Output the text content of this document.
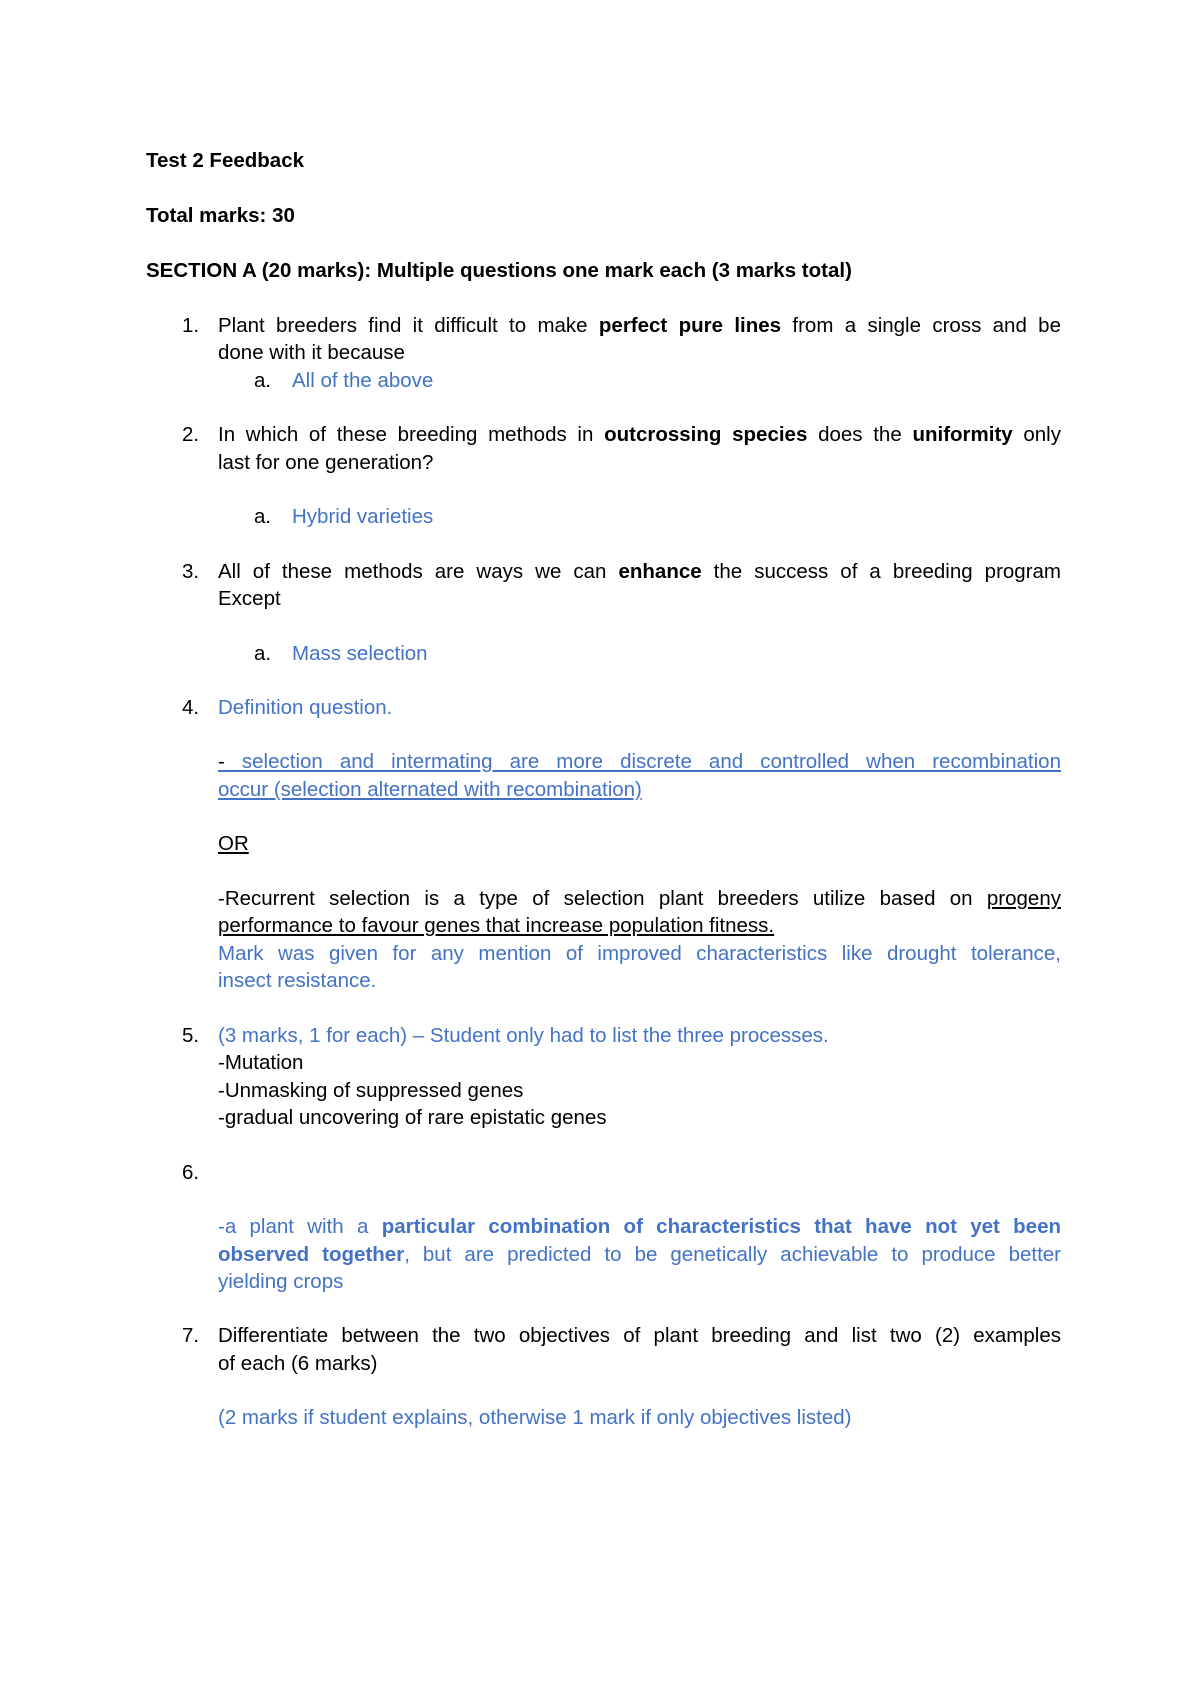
Test 2 Feedback
Total marks: 30
SECTION A (20 marks): Multiple questions one mark each (3 marks total)
1. Plant breeders find it difficult to make perfect pure lines from a single cross and be
done with it because
a.	All of the above
2. In which of these breeding methods in outcrossing species does the uniformity only
last for one generation?
a.	Hybrid varieties
3. All of these methods are ways we can enhance the success of a breeding program
Except
a.	Mass selection
4. Definition question.
- selection and intermating are more discrete and controlled when recombination
occur (selection alternated with recombination)
OR
-Recurrent selection is a type of selection plant breeders utilize based on progeny
performance to favour genes that increase population fitness.
Mark was given for any mention of improved characteristics like drought tolerance,
insect resistance.
5. (3 marks, 1 for each) – Student only had to list the three processes.
-Mutation
-Unmasking of suppressed genes
-gradual uncovering of rare epistatic genes
6.
-a plant with a particular combination of characteristics that have not yet been
observed together, but are predicted to be genetically achievable to produce better
yielding crops
7. Differentiate between the two objectives of plant breeding and list two (2) examples
of each (6 marks)
(2 marks if student explains, otherwise 1 mark if only objectives listed)
